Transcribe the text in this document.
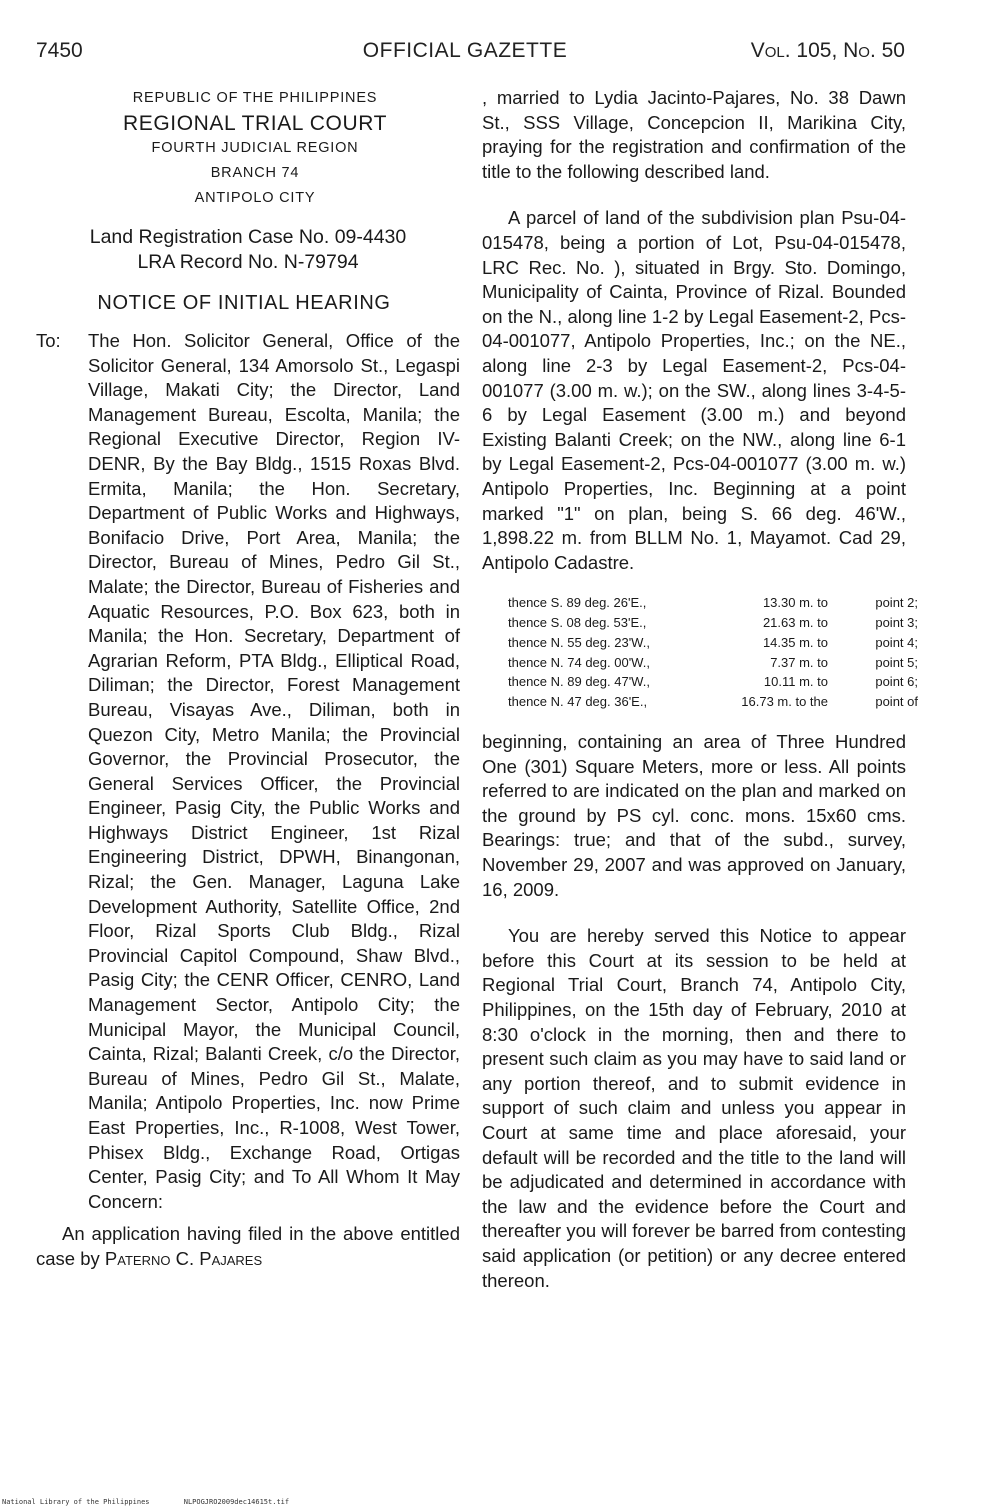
7450	OFFICIAL GAZETTE	Vol. 105, No. 50
REPUBLIC OF THE PHILIPPINES
REGIONAL TRIAL COURT
FOURTH JUDICIAL REGION
BRANCH 74
ANTIPOLO CITY
Land Registration Case No. 09-4430
LRA Record No. N-79794
NOTICE OF INITIAL HEARING
To: The Hon. Solicitor General, Office of the Solicitor General, 134 Amorsolo St., Legaspi Village, Makati City; the Director, Land Management Bureau, Escolta, Manila; the Regional Executive Director, Region IV-DENR, By the Bay Bldg., 1515 Roxas Blvd. Ermita, Manila; the Hon. Secretary, Department of Public Works and Highways, Bonifacio Drive, Port Area, Manila; the Director, Bureau of Mines, Pedro Gil St., Malate; the Director, Bureau of Fisheries and Aquatic Resources, P.O. Box 623, both in Manila; the Hon. Secretary, Department of Agrarian Reform, PTA Bldg., Elliptical Road, Diliman; the Director, Forest Management Bureau, Visayas Ave., Diliman, both in Quezon City, Metro Manila; the Provincial Governor, the Provincial Prosecutor, the General Services Officer, the Provincial Engineer, Pasig City, the Public Works and Highways District Engineer, 1st Rizal Engineering District, DPWH, Binangonan, Rizal; the Gen. Manager, Laguna Lake Development Authority, Satellite Office, 2nd Floor, Rizal Sports Club Bldg., Rizal Provincial Capitol Compound, Shaw Blvd., Pasig City; the CENR Officer, CENRO, Land Management Sector, Antipolo City; the Municipal Mayor, the Municipal Council, Cainta, Rizal; Balanti Creek, c/o the Director, Bureau of Mines, Pedro Gil St., Malate, Manila; Antipolo Properties, Inc. now Prime East Properties, Inc., R-1008, West Tower, Phisex Bldg., Exchange Road, Ortigas Center, Pasig City; and To All Whom It May Concern:

An application having filed in the above entitled case by Paterno C. Pajares

, married to Lydia Jacinto-Pajares, No. 38 Dawn St., SSS Village, Concepcion II, Marikina City, praying for the registration and confirmation of the title to the following described land.

A parcel of land of the subdivision plan Psu-04-015478, being a portion of Lot, Psu-04-015478, LRC Rec. No. ), situated in Brgy. Sto. Domingo, Municipality of Cainta, Province of Rizal. Bounded on the N., along line 1-2 by Legal Easement-2, Pcs-04-001077, Antipolo Properties, Inc.; on the NE., along line 2-3 by Legal Easement-2, Pcs-04-001077 (3.00 m. w.); on the SW., along lines 3-4-5-6 by Legal Easement (3.00 m.) and beyond Existing Balanti Creek; on the NW., along line 6-1 by Legal Easement-2, Pcs-04-001077 (3.00 m. w.) Antipolo Properties, Inc. Beginning at a point marked "1" on plan, being S. 66 deg. 46'W., 1,898.22 m. from BLLM No. 1, Mayamot. Cad 29, Antipolo Cadastre.

thence S. 89 deg. 26'E.,	13.30 m. to	point 2;
thence S. 08 deg. 53'E.,	21.63 m. to	point 3;
thence N. 55 deg. 23'W.,	14.35 m. to	point 4;
thence N. 74 deg. 00'W.,	7.37 m. to	point 5;
thence N. 89 deg. 47'W.,	10.11 m. to	point 6;
thence N. 47 deg. 36'E.,	16.73 m. to the	point of

beginning, containing an area of Three Hundred One (301) Square Meters, more or less. All points referred to are indicated on the plan and marked on the ground by PS cyl. conc. mons. 15x60 cms. Bearings: true; and that of the subd., survey, November 29, 2007 and was approved on January, 16, 2009.

You are hereby served this Notice to appear before this Court at its session to be held at Regional Trial Court, Branch 74, Antipolo City, Philippines, on the 15th day of February, 2010 at 8:30 o'clock in the morning, then and there to present such claim as you may have to said land or any portion thereof, and to submit evidence in support of such claim and unless you appear in Court at same time and place aforesaid, your default will be recorded and the title to the land will be adjudicated and determined in accordance with the law and the evidence before the Court and thereafter you will forever be barred from contesting said application (or petition) or any decree entered thereon.

National Library of the Philippines	NLPOGJRO2009dec14615t.tif
